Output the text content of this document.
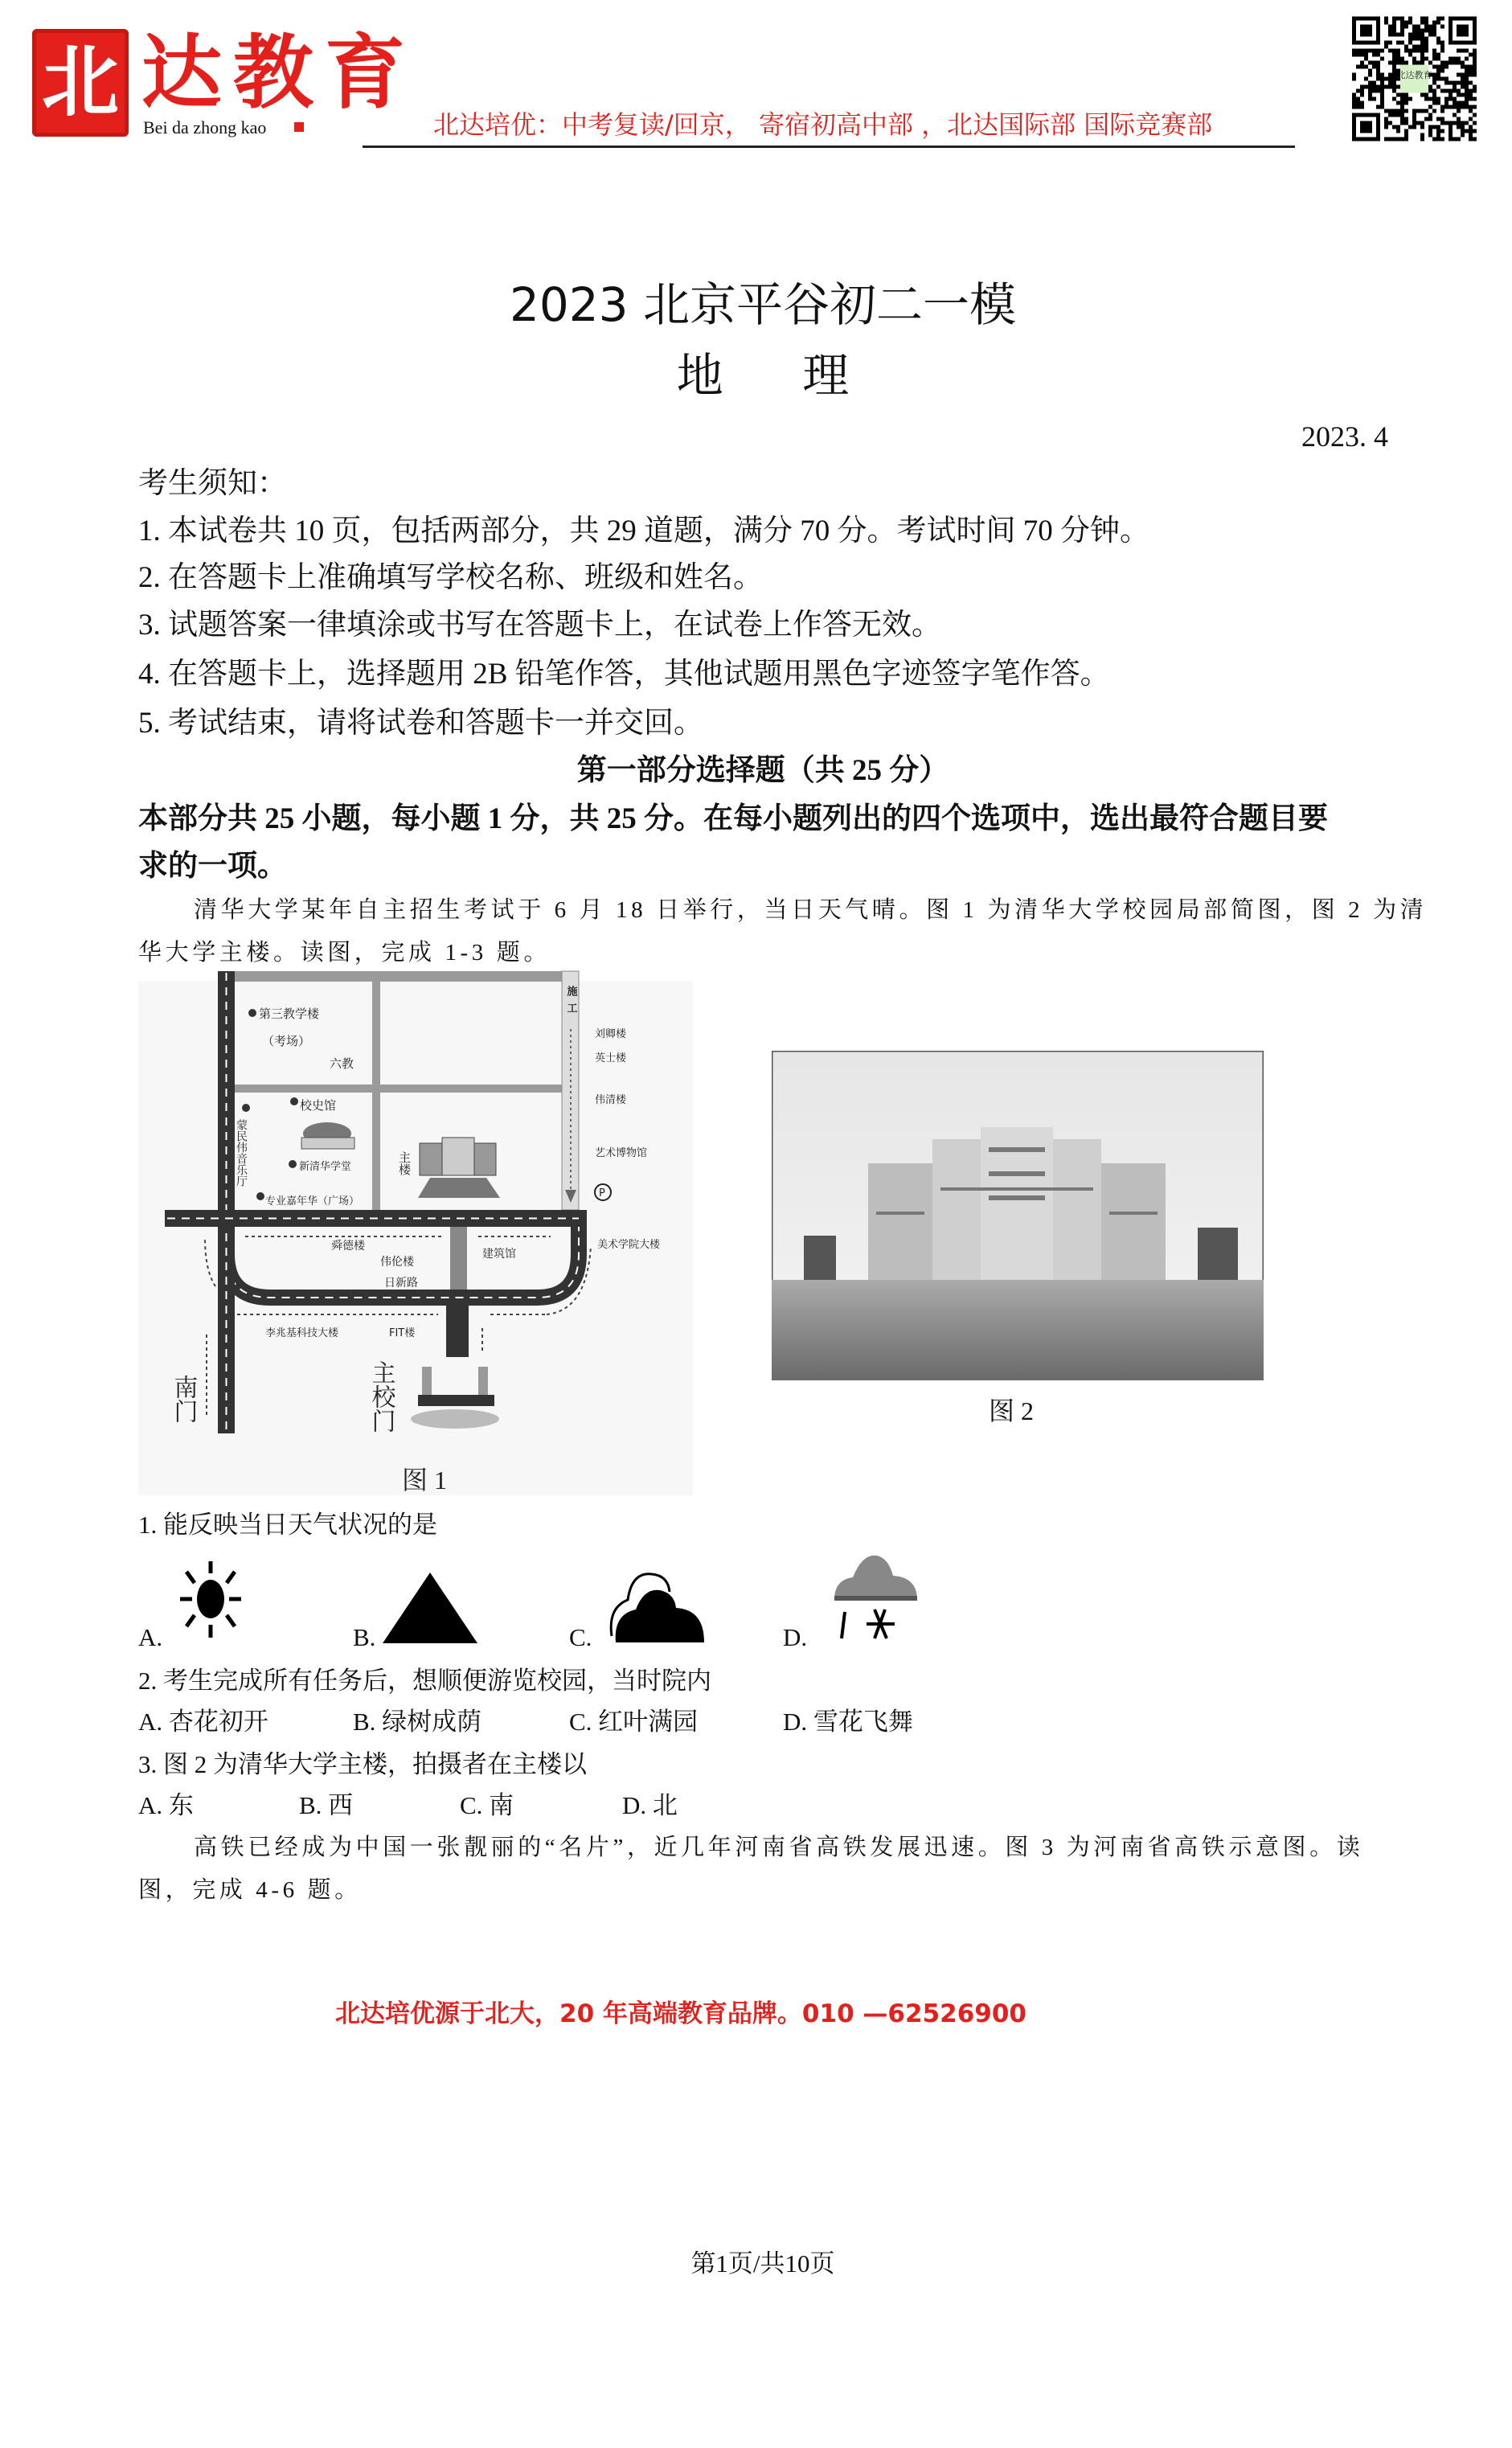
北 达教育
Bei da zhong kao	北达培优：中考复读/回京， 寄宿初高中部 ，北达国际部 国际竞赛部
北达教育
2023 北京平谷初二一模
地 理
2023. 4
考生须知：
1. 本试卷共 10 页，包括两部分，共 29 道题，满分 70 分。考试时间 70 分钟。
2. 在答题卡上准确填写学校名称、班级和姓名。
3. 试题答案一律填涂或书写在答题卡上，在试卷上作答无效。
4. 在答题卡上，选择题用 2B 铅笔作答，其他试题用黑色字迹签字笔作答。
5. 考试结束，请将试卷和答题卡一并交回。
第一部分选择题（共 25 分）
本部分共 25 小题，每小题 1 分，共 25 分。在每小题列出的四个选项中，选出最符合题目要
求的一项。
清华大学某年自主招生考试于 6 月 18 日举行，当日天气晴。图 1 为清华大学校园局部简图，图 2 为清
华大学主楼。读图，完成 1-3 题。
第三教学楼
（考场）
六教
校史馆
蒙民伟音乐厅	新清华学堂
专业嘉年华（广场）
主楼
施工
刘卿楼
英士楼
伟清楼
艺术博物馆
P
美术学院大楼
舜德楼
伟伦楼
日新路
建筑馆
李兆基科技大楼	FIT楼
主校门
南门
图 1
图 2
1. 能反映当日天气状况的是
A.	B.	C.	D.
2. 考生完成所有任务后，想顺便游览校园，当时院内
A. 杏花初开	B. 绿树成荫	C. 红叶满园	D. 雪花飞舞
3. 图 2 为清华大学主楼，拍摄者在主楼以
A. 东	B. 西	C. 南	D. 北
高铁已经成为中国一张靓丽的“名片”，近几年河南省高铁发展迅速。图 3 为河南省高铁示意图。读
图，完成 4-6 题。
北达培优源于北大，20 年高端教育品牌。010 —62526900
第1页/共10页
